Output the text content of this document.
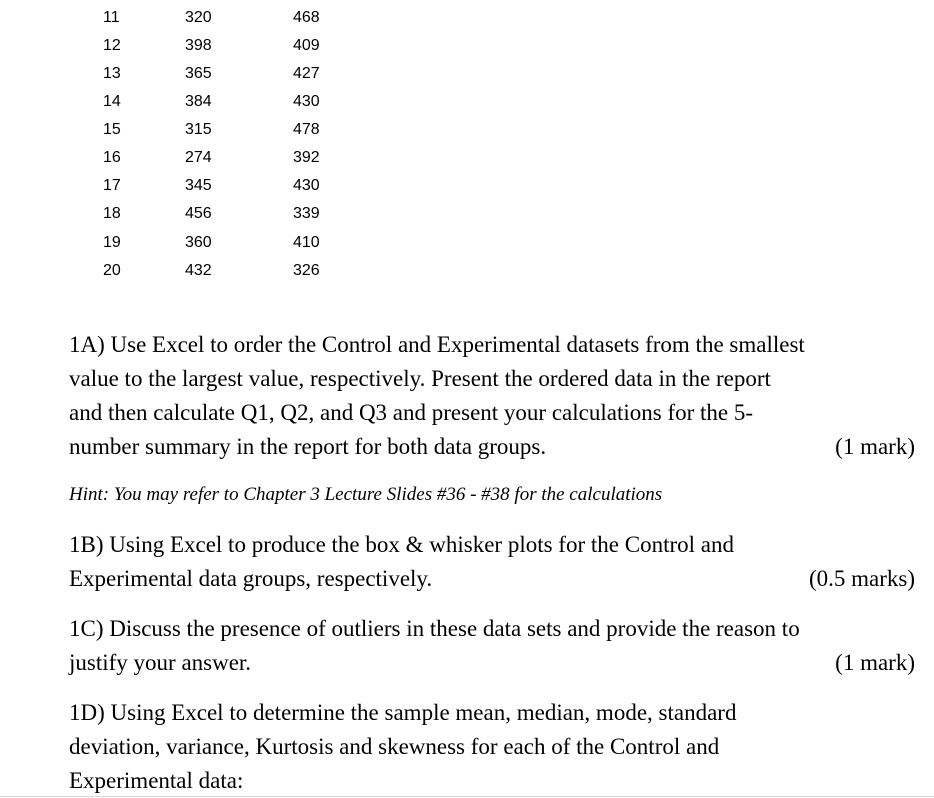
11	320	468
12	398	409
13	365	427
14	384	430
15	315	478
16	274	392
17	345	430
18	456	339
19	360	410
20	432	326
1A) Use Excel to order the Control and Experimental datasets from the smallest
value to the largest value, respectively. Present the ordered data in the report
and then calculate Q1, Q2, and Q3 and present your calculations for the 5-
number summary in the report for both data groups.	(1 mark)
Hint: You may refer to Chapter 3 Lecture Slides #36 - #38 for the calculations
1B) Using Excel to produce the box & whisker plots for the Control and
Experimental data groups, respectively.	(0.5 marks)
1C) Discuss the presence of outliers in these data sets and provide the reason to
justify your answer.	(1 mark)
1D) Using Excel to determine the sample mean, median, mode, standard
deviation, variance, Kurtosis and skewness for each of the Control and
Experimental data:
